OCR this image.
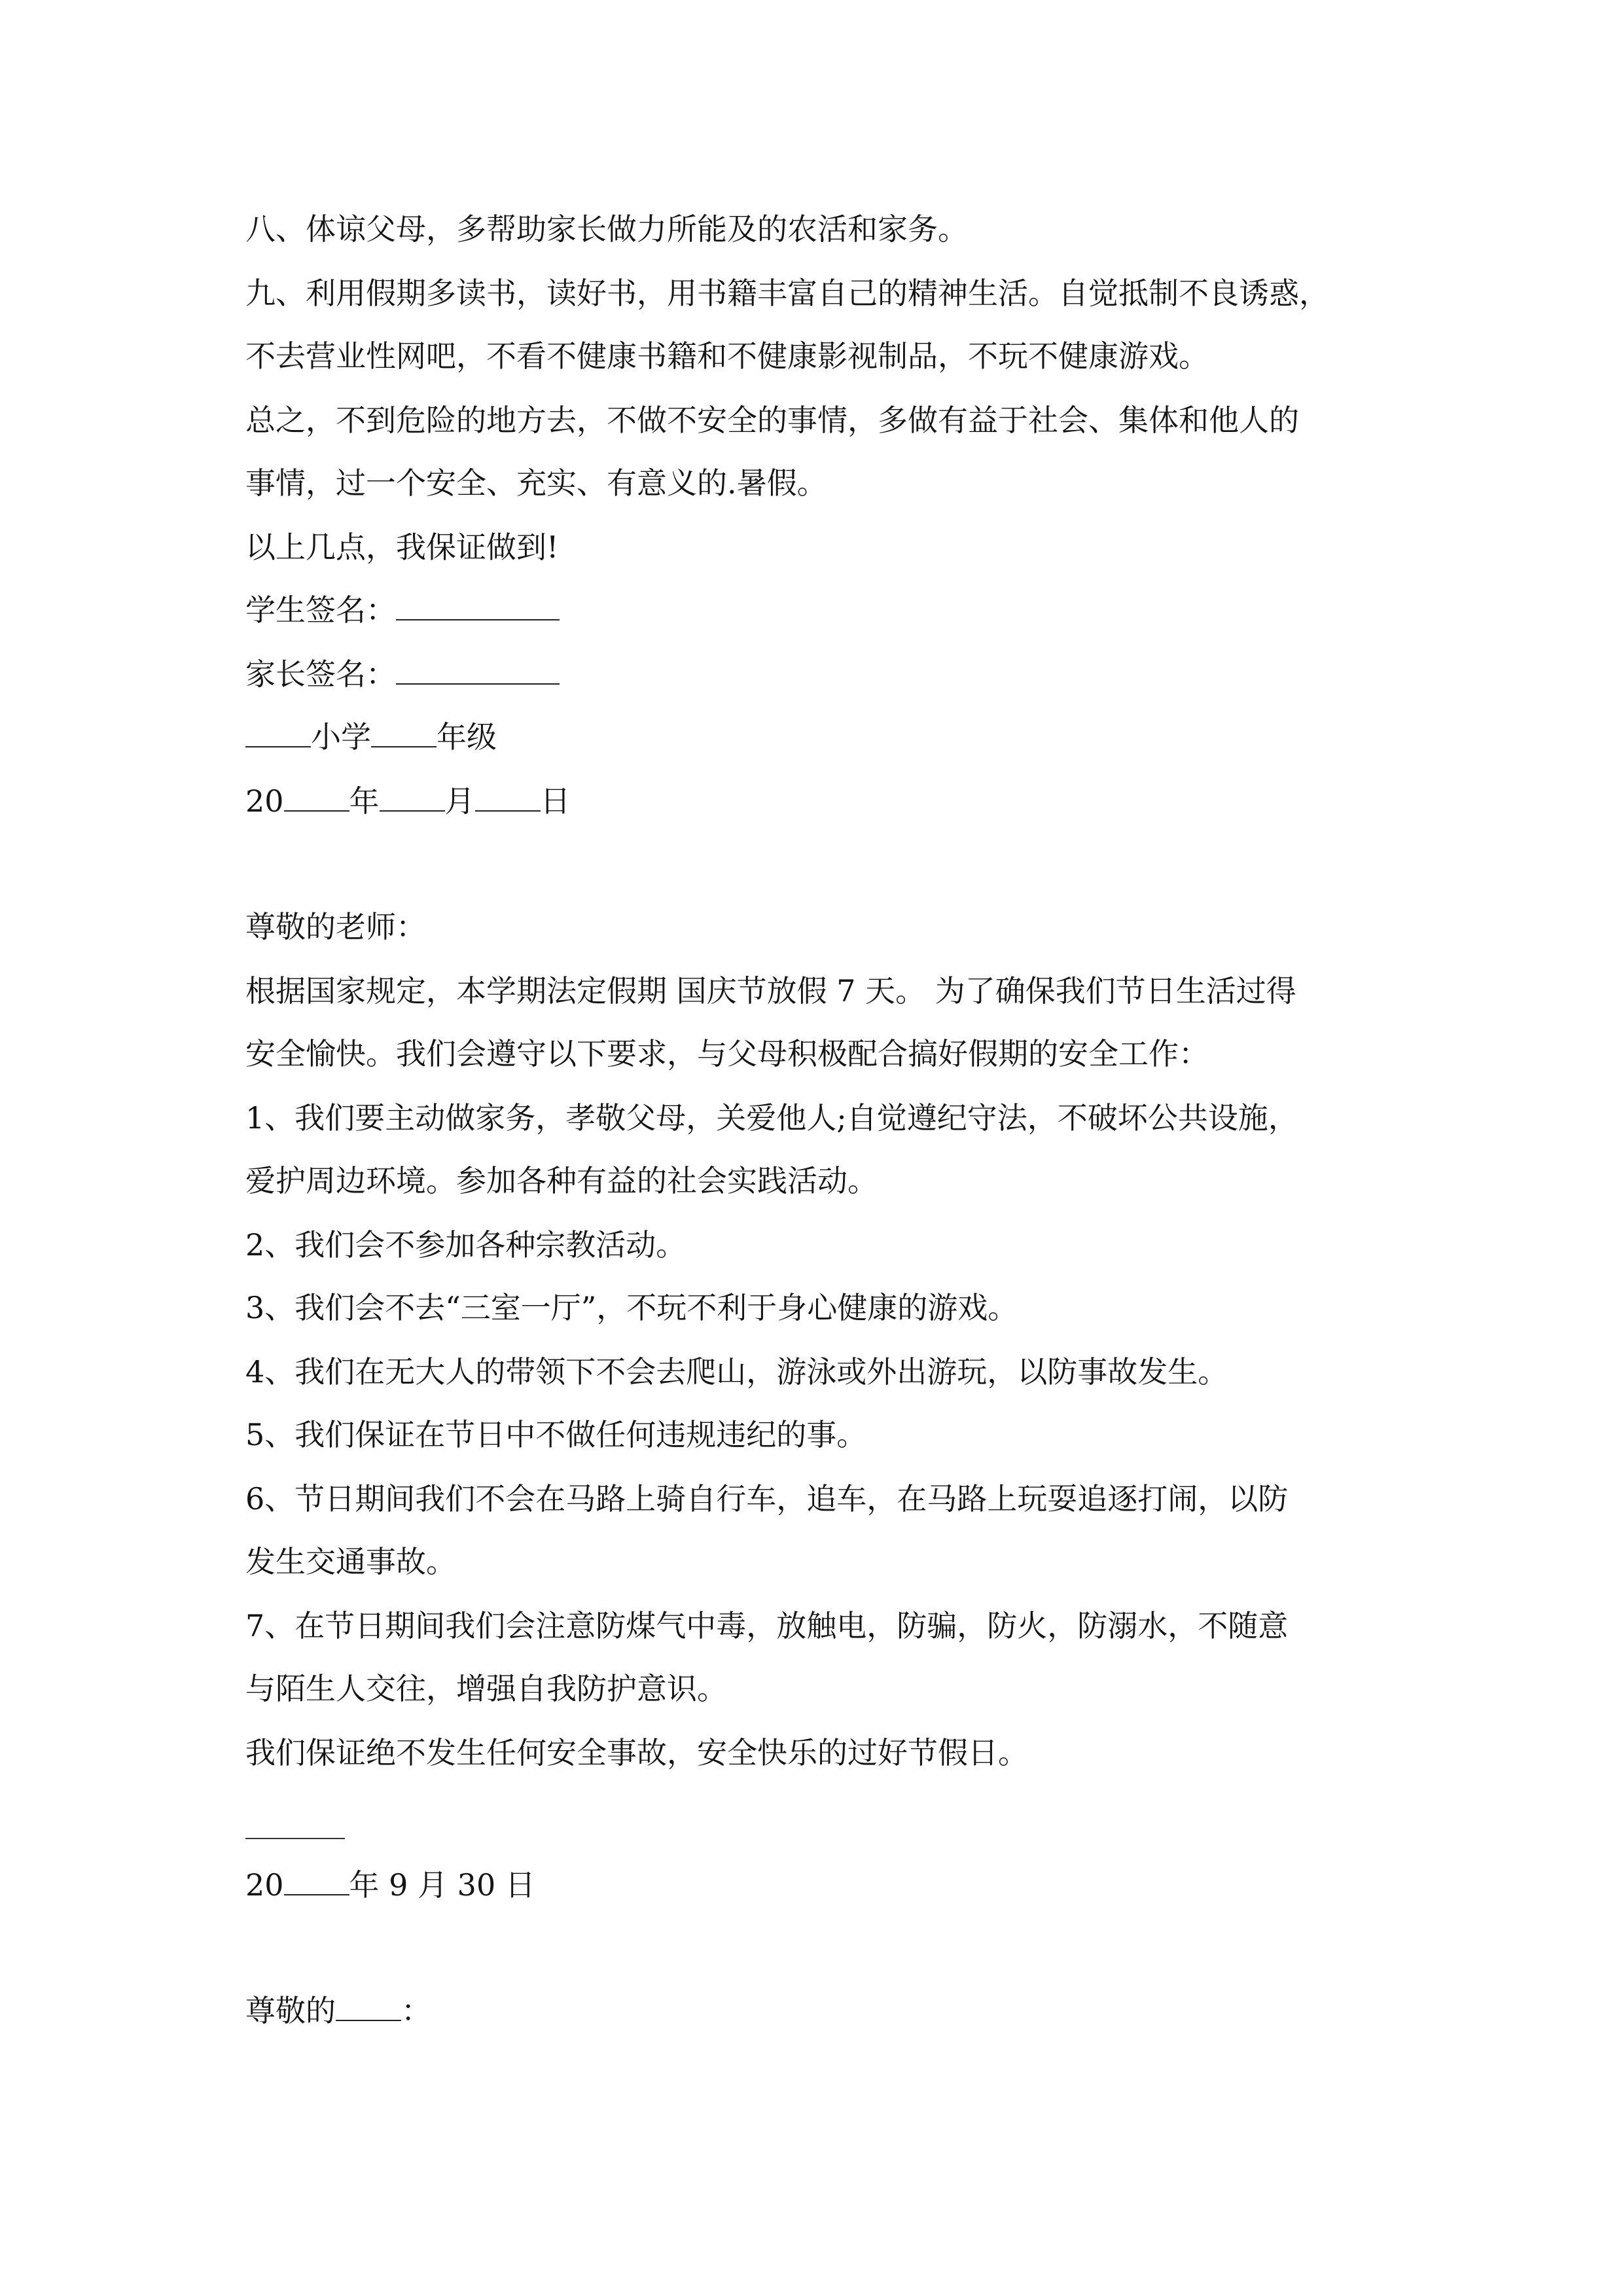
八、体谅父母，多帮助家长做力所能及的农活和家务。
九、利用假期多读书，读好书，用书籍丰富自己的精神生活。自觉抵制不良诱惑，
不去营业性网吧，不看不健康书籍和不健康影视制品，不玩不健康游戏。
总之，不到危险的地方去，不做不安全的事情，多做有益于社会、集体和他人的
事情，过一个安全、充实、有意义的.暑假。
以上几点，我保证做到!
学生签名：
家长签名：
小学 年级
20 年 月 日
尊敬的老师：
根据国家规定，本学期法定假期 国庆节放假 7 天。 为了确保我们节日生活过得
安全愉快。我们会遵守以下要求，与父母积极配合搞好假期的安全工作：
1、我们要主动做家务，孝敬父母，关爱他人;自觉遵纪守法，不破坏公共设施，
爱护周边环境。参加各种有益的社会实践活动。
2、我们会不参加各种宗教活动。
3、我们会不去“三室一厅”，不玩不利于身心健康的游戏。
4、我们在无大人的带领下不会去爬山，游泳或外出游玩，以防事故发生。
5、我们保证在节日中不做任何违规违纪的事。
6、节日期间我们不会在马路上骑自行车，追车，在马路上玩耍追逐打闹，以防
发生交通事故。
7、在节日期间我们会注意防煤气中毒，放触电，防骗，防火，防溺水，不随意
与陌生人交往，增强自我防护意识。
我们保证绝不发生任何安全事故，安全快乐的过好节假日。
20 年 9 月 30 日
尊敬的 ：
